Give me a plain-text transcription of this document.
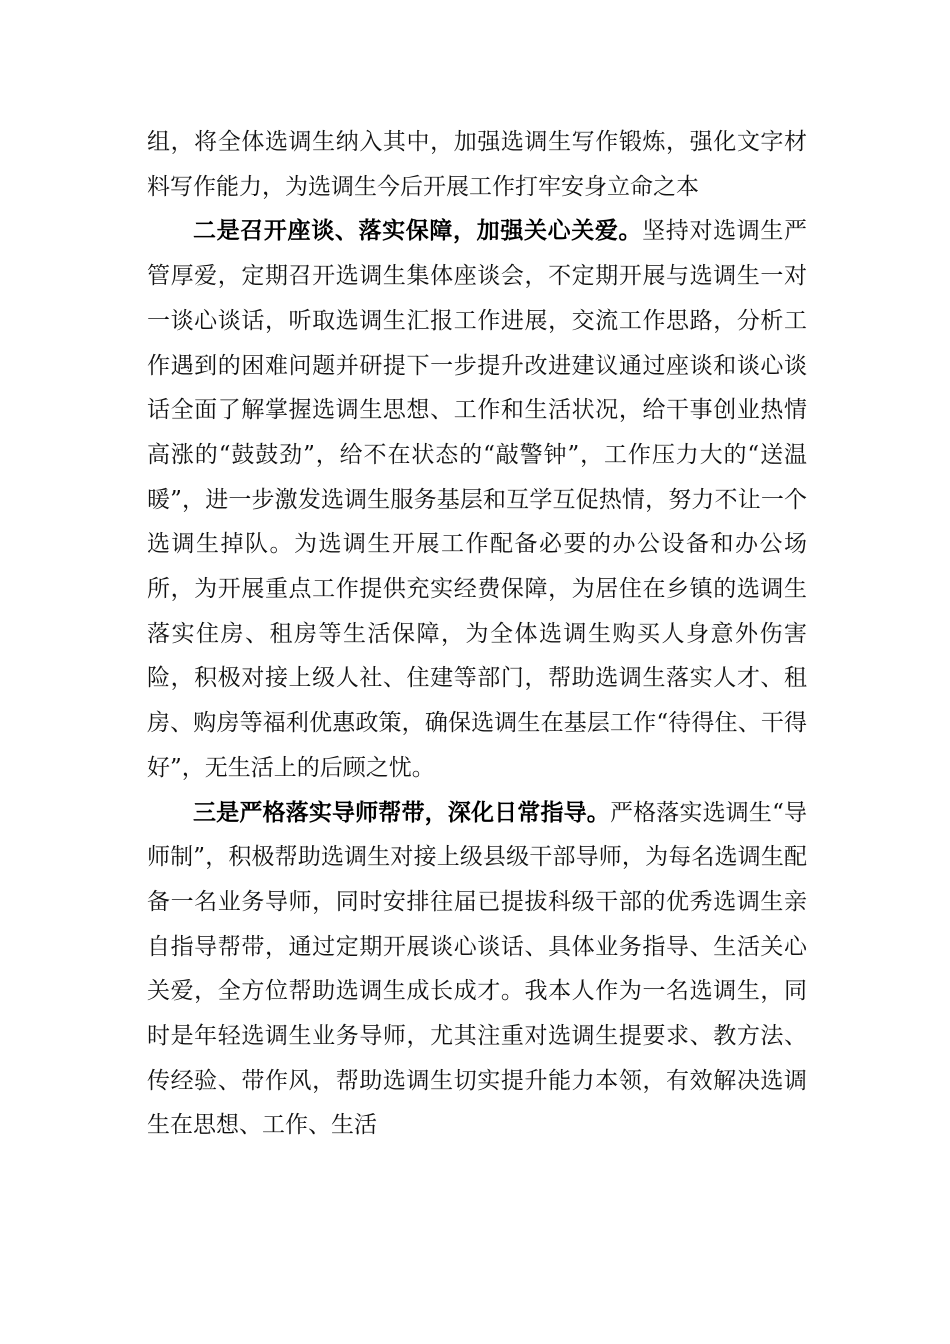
组，将全体选调生纳入其中，加强选调生写作锻炼，强化文字材料写作能力，为选调生今后开展工作打牢安身立命之本

二是召开座谈、落实保障，加强关心关爱。坚持对选调生严管厚爱，定期召开选调生集体座谈会，不定期开展与选调生一对一谈心谈话，听取选调生汇报工作进展，交流工作思路，分析工作遇到的困难问题并研提下一步提升改进建议通过座谈和谈心谈话全面了解掌握选调生思想、工作和生活状况，给干事创业热情高涨的“鼓鼓劲”，给不在状态的“敲警钟”，工作压力大的“送温暖”，进一步激发选调生服务基层和互学互促热情，努力不让一个选调生掉队。为选调生开展工作配备必要的办公设备和办公场所，为开展重点工作提供充实经费保障，为居住在乡镇的选调生落实住房、租房等生活保障，为全体选调生购买人身意外伤害险，积极对接上级人社、住建等部门，帮助选调生落实人才、租房、购房等福利优惠政策，确保选调生在基层工作“待得住、干得好”，无生活上的后顾之忧。

三是严格落实导师帮带，深化日常指导。严格落实选调生“导师制”，积极帮助选调生对接上级县级干部导师，为每名选调生配备一名业务导师，同时安排往届已提拔科级干部的优秀选调生亲自指导帮带，通过定期开展谈心谈话、具体业务指导、生活关心关爱，全方位帮助选调生成长成才。我本人作为一名选调生，同时是年轻选调生业务导师，尤其注重对选调生提要求、教方法、传经验、带作风，帮助选调生切实提升能力本领，有效解决选调生在思想、工作、生活
